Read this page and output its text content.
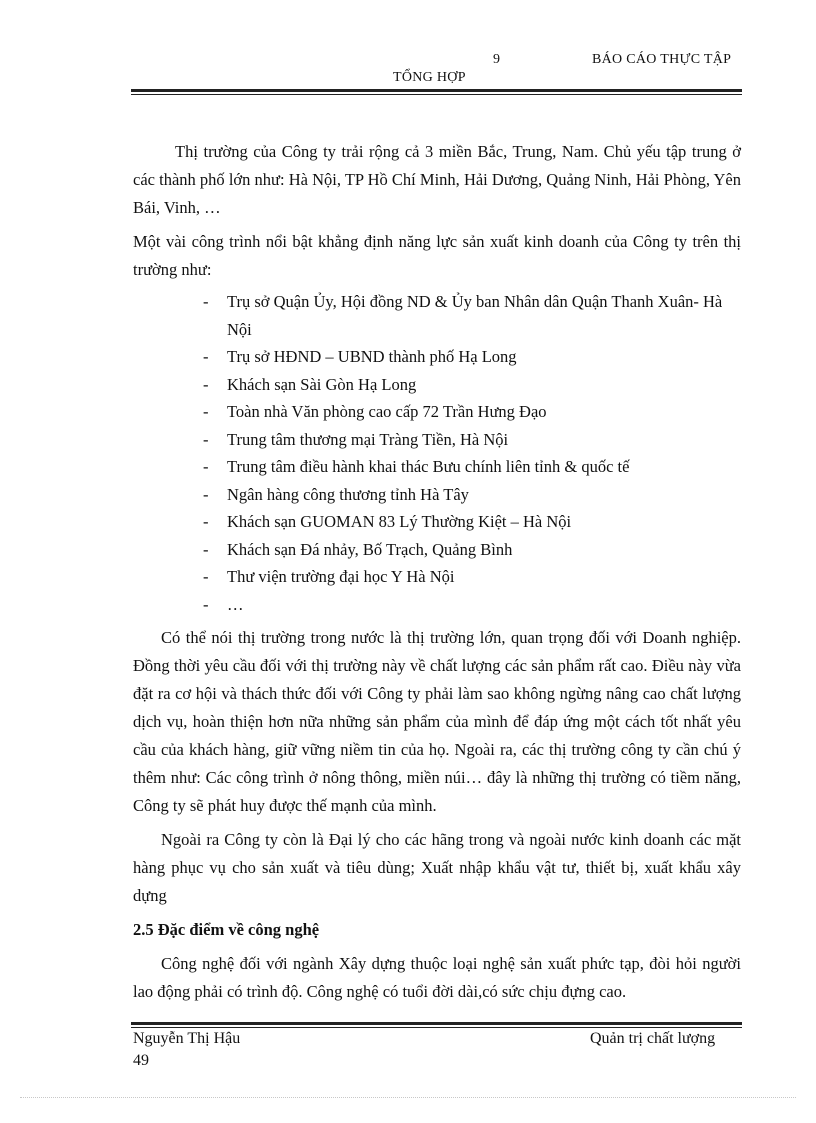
9	BÁO CÁO THỰC TẬP
TỔNG HỢP

Thị trường của Công ty trải rộng cả 3 miền Bắc, Trung, Nam. Chủ yếu tập trung ở các thành phố lớn như: Hà Nội, TP Hồ Chí Minh, Hải Dương, Quảng Ninh, Hải Phòng, Yên Bái, Vinh, …

Một vài công trình nổi bật khẳng định năng lực sản xuất kinh doanh của Công ty trên thị trường như:

- Trụ sở Quận Ủy, Hội đồng ND & Ủy ban Nhân dân Quận Thanh Xuân- Hà Nội
- Trụ sở HĐND – UBND thành phố Hạ Long
- Khách sạn Sài Gòn Hạ Long
- Toàn nhà Văn phòng cao cấp 72 Trần Hưng Đạo
- Trung tâm thương mại Tràng Tiền, Hà Nội
- Trung tâm điều hành khai thác Bưu chính liên tỉnh & quốc tế
- Ngân hàng công thương tỉnh Hà Tây
- Khách sạn GUOMAN 83 Lý Thường Kiệt – Hà Nội
- Khách sạn Đá nhảy, Bố Trạch, Quảng Bình
- Thư viện trường đại học Y Hà Nội
- …

Có thể nói thị trường trong nước là thị trường lớn, quan trọng đối với Doanh nghiệp. Đồng thời yêu cầu đối với thị trường này về chất lượng các sản phẩm rất cao. Điều này vừa đặt ra cơ hội và thách thức đối với Công ty phải làm sao không ngừng nâng cao chất lượng dịch vụ, hoàn thiện hơn nữa những sản phẩm của mình để đáp ứng một cách tốt nhất yêu cầu của khách hàng, giữ vững niềm tin của họ. Ngoài ra, các thị trường công ty cần chú ý thêm như: Các công trình ở nông thông, miền núi… đây là những thị trường có tiềm năng, Công ty sẽ phát huy được thế mạnh của mình.

Ngoài ra Công ty còn là Đại lý cho các hãng trong và ngoài nước kinh doanh các mặt hàng phục vụ cho sản xuất và tiêu dùng; Xuất nhập khẩu vật tư, thiết bị, xuất khẩu xây dựng

2.5 Đặc điểm về công nghệ

Công nghệ đối với ngành Xây dựng thuộc loại nghệ sản xuất phức tạp, đòi hỏi người lao động phải có trình độ. Công nghệ có tuổi đời dài,có sức chịu đựng cao.

Nguyễn Thị Hậu	Quản trị chất lượng
49
